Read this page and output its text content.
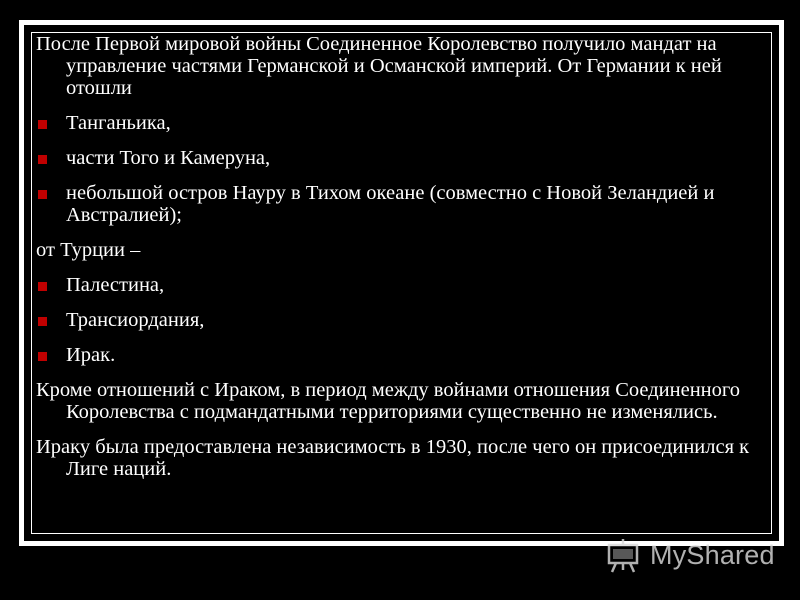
После Первой мировой войны Соединенное Королевство получило мандат на управление частями Германской и Османской империй. От Германии к ней отошли
Танганьика,
части Того и Камеруна,
небольшой остров Науру в Тихом океане (совместно с Новой Зеландией и Австралией);
от Турции –
Палестина,
Трансиордания,
Ирак.
Кроме отношений с Ираком, в период между войнами отношения Соединенного Королевства с подмандатными территориями существенно не изменялись.
Ираку была предоставлена независимость в 1930, после чего он присоединился к Лиге наций.
MyShared
